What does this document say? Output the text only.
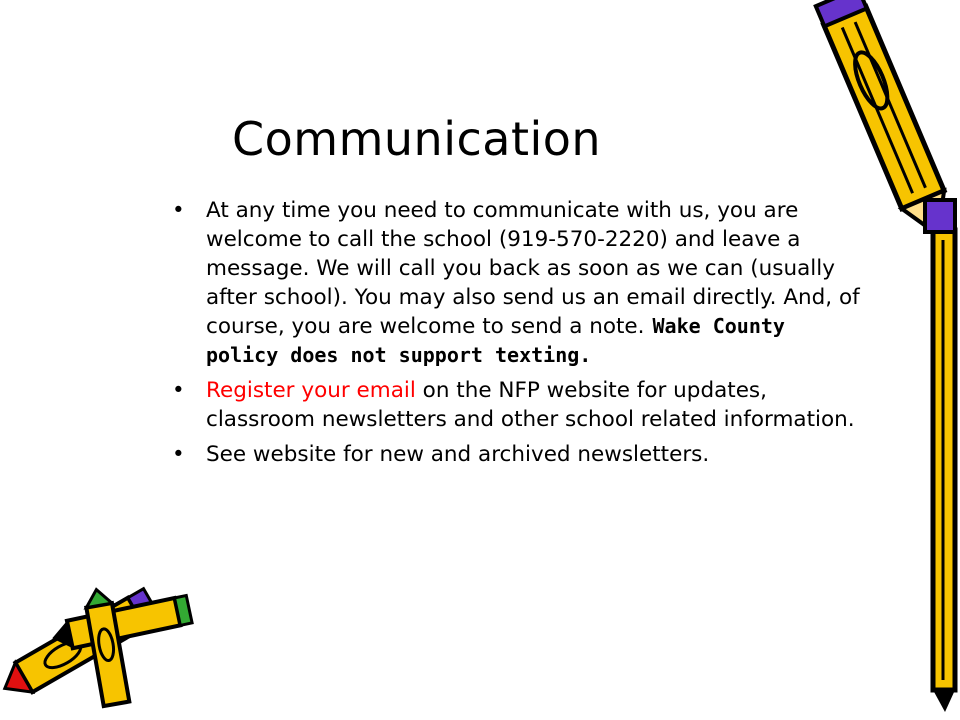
Communication
• At any time you need to communicate with us, you are welcome to call the school (919-570-2220) and leave a message. We will call you back as soon as we can (usually after school). You may also send us an email directly. And, of course, you are welcome to send a note. Wake County policy does not support texting.
• Register your email on the NFP website for updates, classroom newsletters and other school related information.
• See website for new and archived newsletters.
